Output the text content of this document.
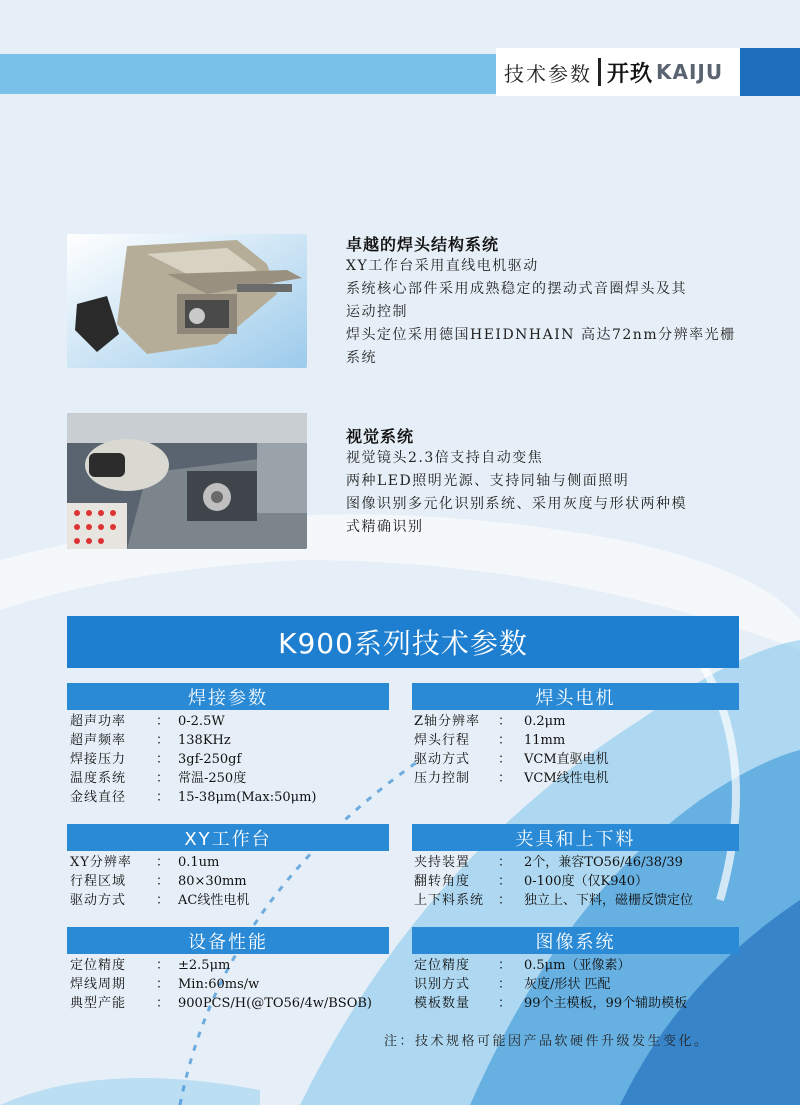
技术参数 开玖 KAIJU
卓越的焊头结构系统
XY工作台采用直线电机驱动
系统核心部件采用成熟稳定的摆动式音圈焊头及其
运动控制
焊头定位采用德国HEIDNHAIN 高达72nm分辨率光栅
系统
视觉系统
视觉镜头2.3倍支持自动变焦
两种LED照明光源、支持同轴与侧面照明
图像识别多元化识别系统、采用灰度与形状两种模
式精确识别
K900系列技术参数
焊接参数
超声功率 ： 0-2.5W
超声频率 ： 138KHz
焊接压力 ： 3gf-250gf
温度系统 ： 常温-250度
金线直径 ： 15-38μm(Max:50μm)
焊头电机
Z轴分辨率 ： 0.2μm
焊头行程 ： 11mm
驱动方式 ： VCM直驱电机
压力控制 ： VCM线性电机
XY工作台
XY分辨率 ： 0.1um
行程区域 ： 80×30mm
驱动方式 ： AC线性电机
夹具和上下料
夹持装置 ： 2个，兼容TO56/46/38/39
翻转角度 ： 0-100度（仅K940）
上下料系统 ： 独立上、下料，磁栅反馈定位
设备性能
定位精度 ： ±2.5μm
焊线周期 ： Min:60ms/w
典型产能 ： 900PCS/H(@TO56/4w/BSOB)
图像系统
定位精度 ： 0.5μm（亚像素）
识别方式 ： 灰度/形状 匹配
模板数量 ： 99个主模板，99个辅助模板
注：技术规格可能因产品软硬件升级发生变化。
